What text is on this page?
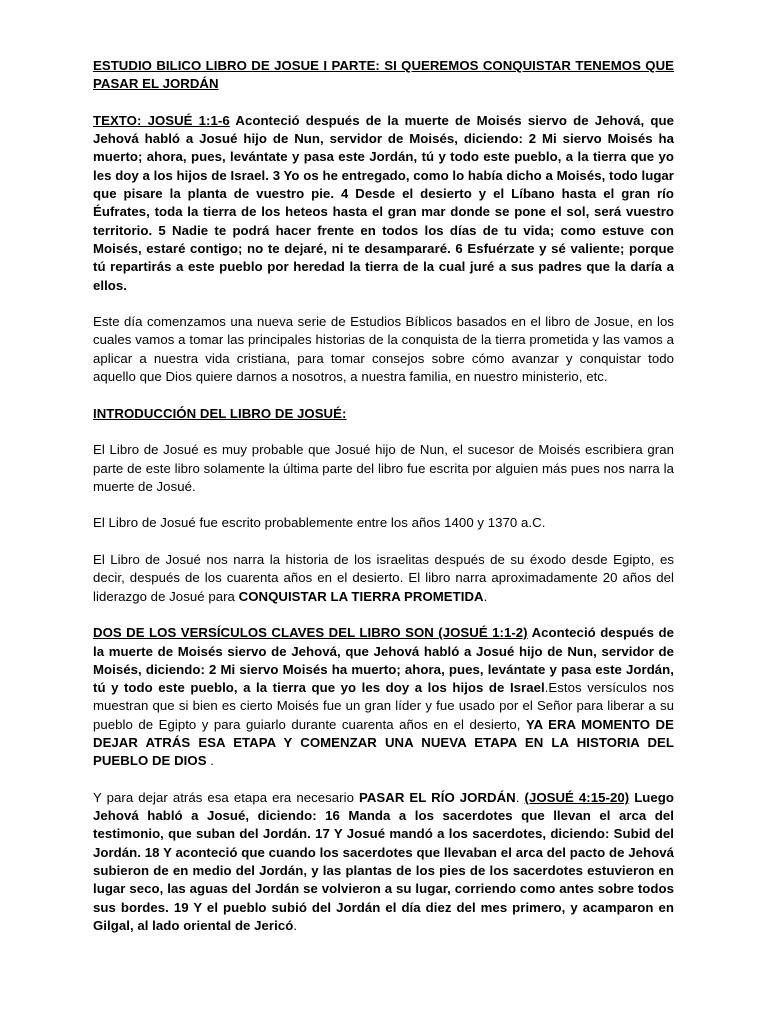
ESTUDIO BILICO LIBRO DE JOSUE I PARTE: SI QUEREMOS CONQUISTAR TENEMOS QUE PASAR EL JORDÁN

TEXTO: JOSUÉ 1:1-6 Aconteció después de la muerte de Moisés siervo de Jehová, que Jehová habló a Josué hijo de Nun, servidor de Moisés, diciendo: 2 Mi siervo Moisés ha muerto; ahora, pues, levántate y pasa este Jordán, tú y todo este pueblo, a la tierra que yo les doy a los hijos de Israel. 3 Yo os he entregado, como lo había dicho a Moisés, todo lugar que pisare la planta de vuestro pie. 4 Desde el desierto y el Líbano hasta el gran río Éufrates, toda la tierra de los heteos hasta el gran mar donde se pone el sol, será vuestro territorio. 5 Nadie te podrá hacer frente en todos los días de tu vida; como estuve con Moisés, estaré contigo; no te dejaré, ni te desampararé. 6 Esfuérzate y sé valiente; porque tú repartirás a este pueblo por heredad la tierra de la cual juré a sus padres que la daría a ellos.

Este día comenzamos una nueva serie de Estudios Bíblicos basados en el libro de Josue, en los cuales vamos a tomar las principales historias de la conquista de la tierra prometida y las vamos a aplicar a nuestra vida cristiana, para tomar consejos sobre cómo avanzar y conquistar todo aquello que Dios quiere darnos a nosotros, a nuestra familia, en nuestro ministerio, etc.

INTRODUCCIÓN DEL LIBRO DE JOSUÉ:

El Libro de Josué es muy probable que Josué hijo de Nun, el sucesor de Moisés escribiera gran parte de este libro solamente la última parte del libro fue escrita por alguien más pues nos narra la muerte de Josué.

El Libro de Josué fue escrito probablemente entre los años 1400 y 1370 a.C.

El Libro de Josué nos narra la historia de los israelitas después de su éxodo desde Egipto, es decir, después de los cuarenta años en el desierto. El libro narra aproximadamente 20 años del liderazgo de Josué para CONQUISTAR LA TIERRA PROMETIDA.

DOS DE LOS VERSÍCULOS CLAVES DEL LIBRO SON (JOSUÉ 1:1-2) Aconteció después de la muerte de Moisés siervo de Jehová, que Jehová habló a Josué hijo de Nun, servidor de Moisés, diciendo: 2 Mi siervo Moisés ha muerto; ahora, pues, levántate y pasa este Jordán, tú y todo este pueblo, a la tierra que yo les doy a los hijos de Israel.Estos versículos nos muestran que si bien es cierto Moisés fue un gran líder y fue usado por el Señor para liberar a su pueblo de Egipto y para guiarlo durante cuarenta años en el desierto, YA ERA MOMENTO DE DEJAR ATRÁS ESA ETAPA Y COMENZAR UNA NUEVA ETAPA EN LA HISTORIA DEL PUEBLO DE DIOS .

Y para dejar atrás esa etapa era necesario PASAR EL RÍO JORDÁN. (JOSUÉ 4:15-20) Luego Jehová habló a Josué, diciendo: 16 Manda a los sacerdotes que llevan el arca del testimonio, que suban del Jordán. 17 Y Josué mandó a los sacerdotes, diciendo: Subid del Jordán. 18 Y aconteció que cuando los sacerdotes que llevaban el arca del pacto de Jehová subieron de en medio del Jordán, y las plantas de los pies de los sacerdotes estuvieron en lugar seco, las aguas del Jordán se volvieron a su lugar, corriendo como antes sobre todos sus bordes. 19 Y el pueblo subió del Jordán el día diez del mes primero, y acamparon en Gilgal, al lado oriental de Jericó.
